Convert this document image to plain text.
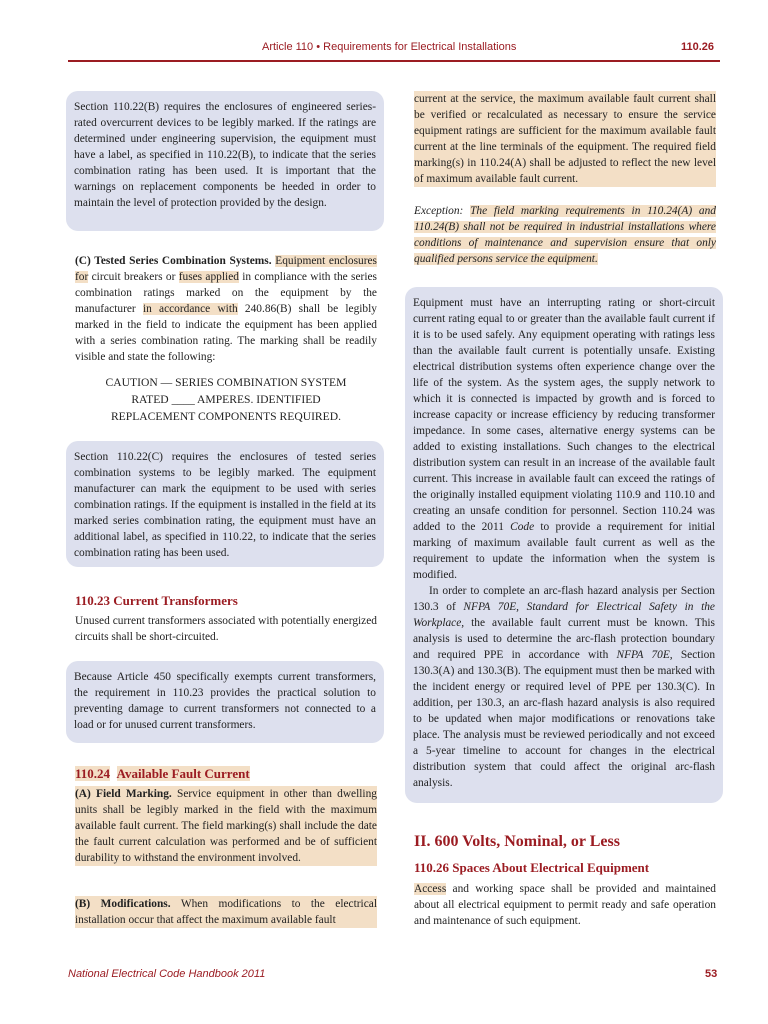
Article 110 • Requirements for Electrical Installations	110.26

Section 110.22(B) requires the enclosures of engineered series-rated overcurrent devices to be legibly marked. If the ratings are determined under engineering supervision, the equipment must have a label, as specified in 110.22(B), to indicate that the series combination rating has been used. It is important that the warnings on replacement components be heeded in order to maintain the level of protection provided by the design.

(C) Tested Series Combination Systems. Equipment enclosures for circuit breakers or fuses applied in compliance with the series combination ratings marked on the equipment by the manufacturer in accordance with 240.86(B) shall be legibly marked in the field to indicate the equipment has been applied with a series combination rating. The marking shall be readily visible and state the following:

CAUTION — SERIES COMBINATION SYSTEM

RATED ____ AMPERES. IDENTIFIED

REPLACEMENT COMPONENTS REQUIRED.

Section 110.22(C) requires the enclosures of tested series combination systems to be legibly marked. The equipment manufacturer can mark the equipment to be used with series combination ratings. If the equipment is installed in the field at its marked series combination rating, the equipment must have an additional label, as specified in 110.22, to indicate that the series combination rating has been used.

110.23 Current Transformers

Unused current transformers associated with potentially energized circuits shall be short-circuited.

Because Article 450 specifically exempts current transformers, the requirement in 110.23 provides the practical solution to preventing damage to current transformers not connected to a load or for unused current transformers.

110.24 Available Fault Current

(A) Field Marking. Service equipment in other than dwelling units shall be legibly marked in the field with the maximum available fault current. The field marking(s) shall include the date the fault current calculation was performed and be of sufficient durability to withstand the environment involved.

(B) Modifications. When modifications to the electrical installation occur that affect the maximum available fault

current at the service, the maximum available fault current shall be verified or recalculated as necessary to ensure the service equipment ratings are sufficient for the maximum available fault current at the line terminals of the equipment. The required field marking(s) in 110.24(A) shall be adjusted to reflect the new level of maximum available fault current.

Exception: The field marking requirements in 110.24(A) and 110.24(B) shall not be required in industrial installations where conditions of maintenance and supervision ensure that only qualified persons service the equipment.

Equipment must have an interrupting rating or short-circuit current rating equal to or greater than the available fault current if it is to be used safely. Any equipment operating with ratings less than the available fault current is potentially unsafe. Existing electrical distribution systems often experience change over the life of the system. As the system ages, the supply network to which it is connected is impacted by growth and is forced to increase capacity or increase efficiency by reducing transformer impedance. In some cases, alternative energy systems can be added to existing installations. Such changes to the electrical distribution system can result in an increase of the available fault current. This increase in available fault can exceed the ratings of the originally installed equipment violating 110.9 and 110.10 and creating an unsafe condition for personnel. Section 110.24 was added to the 2011 Code to provide a requirement for initial marking of maximum available fault current as well as the requirement to update the information when the system is modified.

In order to complete an arc-flash hazard analysis per Section 130.3 of NFPA 70E, Standard for Electrical Safety in the Workplace, the available fault current must be known. This analysis is used to determine the arc-flash protection boundary and required PPE in accordance with NFPA 70E, Section 130.3(A) and 130.3(B). The equipment must then be marked with the incident energy or required level of PPE per 130.3(C). In addition, per 130.3, an arc-flash hazard analysis is also required to be updated when major modifications or renovations take place. The analysis must be reviewed periodically and not exceed a 5-year timeline to account for changes in the electrical distribution system that could affect the original arc-flash analysis.

II. 600 Volts, Nominal, or Less

110.26 Spaces About Electrical Equipment

Access and working space shall be provided and maintained about all electrical equipment to permit ready and safe operation and maintenance of such equipment.

National Electrical Code Handbook 2011	53
